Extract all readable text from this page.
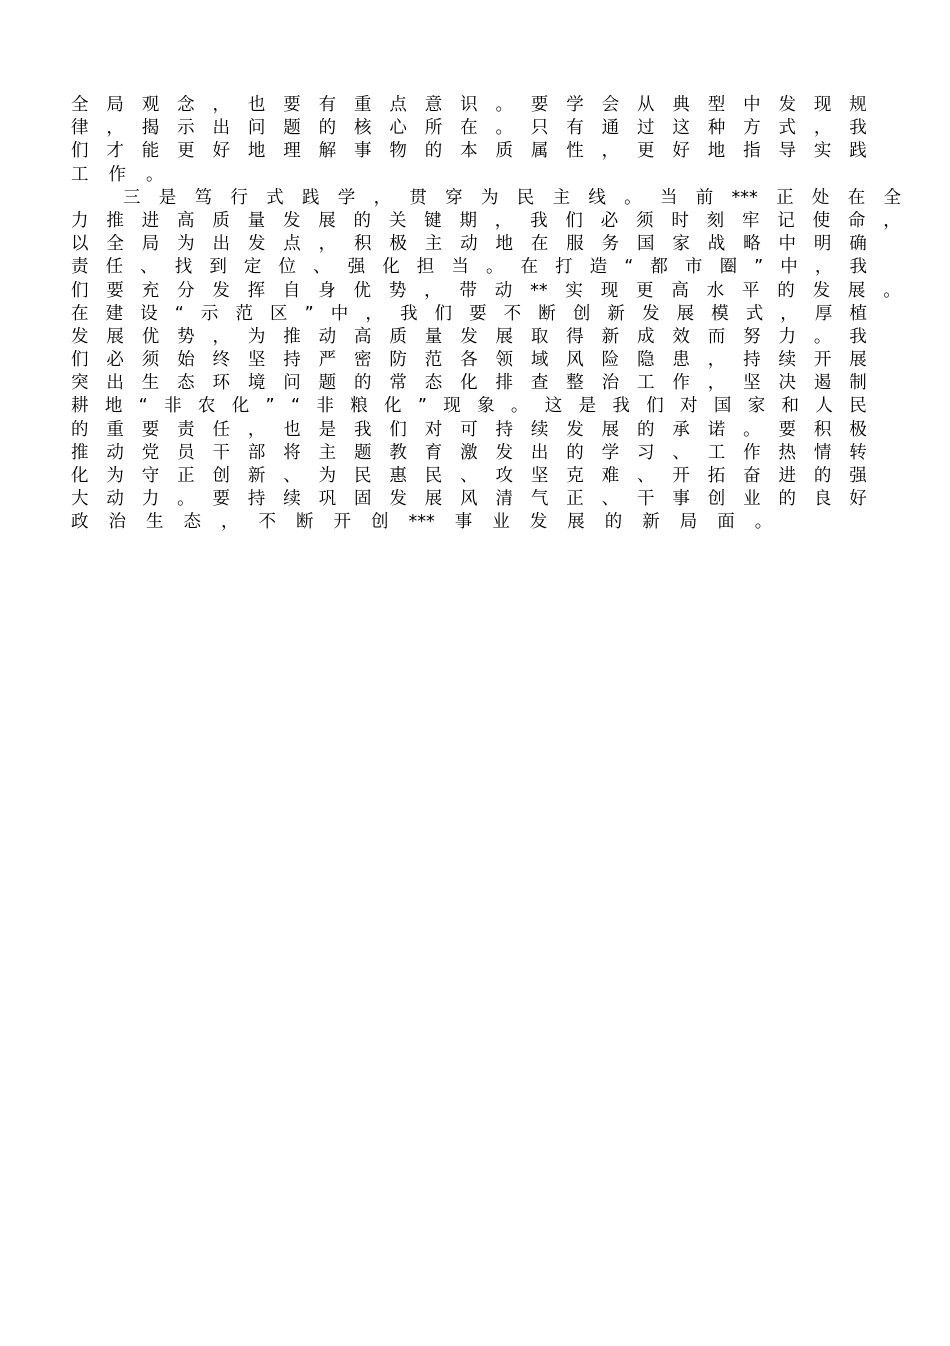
全 局 观 念 ， 也 要 有 重 点 意 识 。 要 学 会 从 典 型 中 发 现 规
律 ， 揭 示 出 问 题 的 核 心 所 在 。 只 有 通 过 这 种 方 式 ， 我
们 才 能 更 好 地 理 解 事 物 的 本 质 属 性 ， 更 好 地 指 导 实 践
工 作 。
三 是 笃 行 式 践 学 ， 贯 穿 为 民 主 线 。 当 前 *** 正 处 在 全
力 推 进 高 质 量 发 展 的 关 键 期 ， 我 们 必 须 时 刻 牢 记 使 命 ，
以 全 局 为 出 发 点 ， 积 极 主 动 地 在 服 务 国 家 战 略 中 明 确
责 任 、 找 到 定 位 、 强 化 担 当 。 在 打 造 “ 都 市 圈 ” 中 ， 我
们 要 充 分 发 挥 自 身 优 势 ， 带 动 ** 实 现 更 高 水 平 的 发 展 。
在 建 设 “ 示 范 区 ” 中 ， 我 们 要 不 断 创 新 发 展 模 式 ， 厚 植
发 展 优 势 ， 为 推 动 高 质 量 发 展 取 得 新 成 效 而 努 力 。 我
们 必 须 始 终 坚 持 严 密 防 范 各 领 域 风 险 隐 患 ， 持 续 开 展
突 出 生 态 环 境 问 题 的 常 态 化 排 查 整 治 工 作 ， 坚 决 遏 制
耕 地 “ 非 农 化 ” “ 非 粮 化 ” 现 象 。 这 是 我 们 对 国 家 和 人 民
的 重 要 责 任 ， 也 是 我 们 对 可 持 续 发 展 的 承 诺 。 要 积 极
推 动 党 员 干 部 将 主 题 教 育 激 发 出 的 学 习 、 工 作 热 情 转
化 为 守 正 创 新 、 为 民 惠 民 、 攻 坚 克 难 、 开 拓 奋 进 的 强
大 动 力 。 要 持 续 巩 固 发 展 风 清 气 正 、 干 事 创 业 的 良 好
政 治 生 态 ， 不 断 开 创 *** 事 业 发 展 的 新 局 面 。
